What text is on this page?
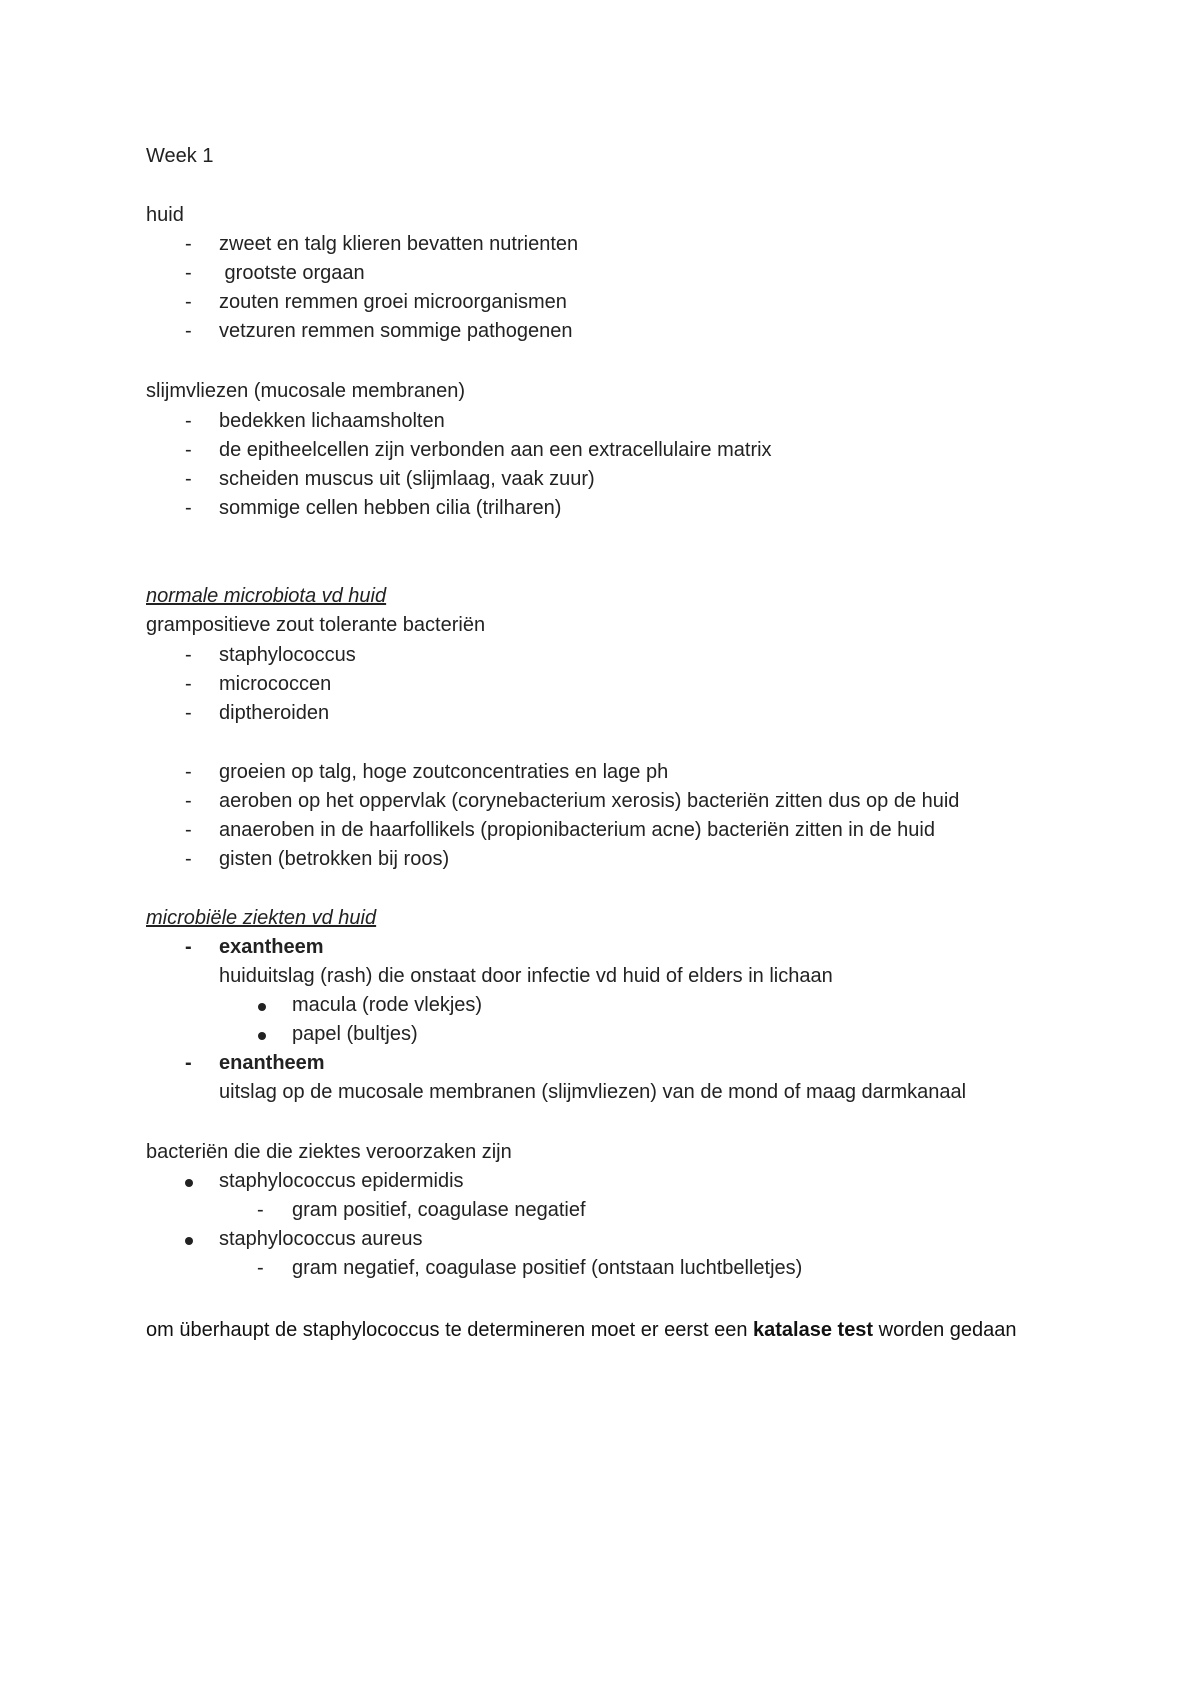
Week 1
huid
- zweet en talg klieren bevatten nutrienten
- grootste orgaan
- zouten remmen groei microorganismen
- vetzuren remmen sommige pathogenen
slijmvliezen (mucosale membranen)
- bedekken lichaamsholten
- de epitheelcellen zijn verbonden aan een extracellulaire matrix
- scheiden muscus uit (slijmlaag, vaak zuur)
- sommige cellen hebben cilia (trilharen)
normale microbiota vd huid
grampositieve zout tolerante bacteriën
- staphylococcus
- micrococcen
- diptheroiden
- groeien op talg, hoge zoutconcentraties en lage ph
- aeroben op het oppervlak (corynebacterium xerosis) bacteriën zitten dus op de huid
- anaeroben in de haarfollikels (propionibacterium acne) bacteriën zitten in de huid
- gisten (betrokken bij roos)
microbiële ziekten vd huid
- exantheem
huiduitslag (rash) die onstaat door infectie vd huid of elders in lichaan
macula (rode vlekjes)
papel (bultjes)
- enantheem
uitslag op de mucosale membranen (slijmvliezen) van de mond of maag darmkanaal
bacteriën die die ziektes veroorzaken zijn
staphylococcus epidermidis
- gram positief, coagulase negatief
staphylococcus aureus
- gram negatief, coagulase positief (ontstaan luchtbelletjes)
om überhaupt de staphylococcus te determineren moet er eerst een katalase test worden gedaan
